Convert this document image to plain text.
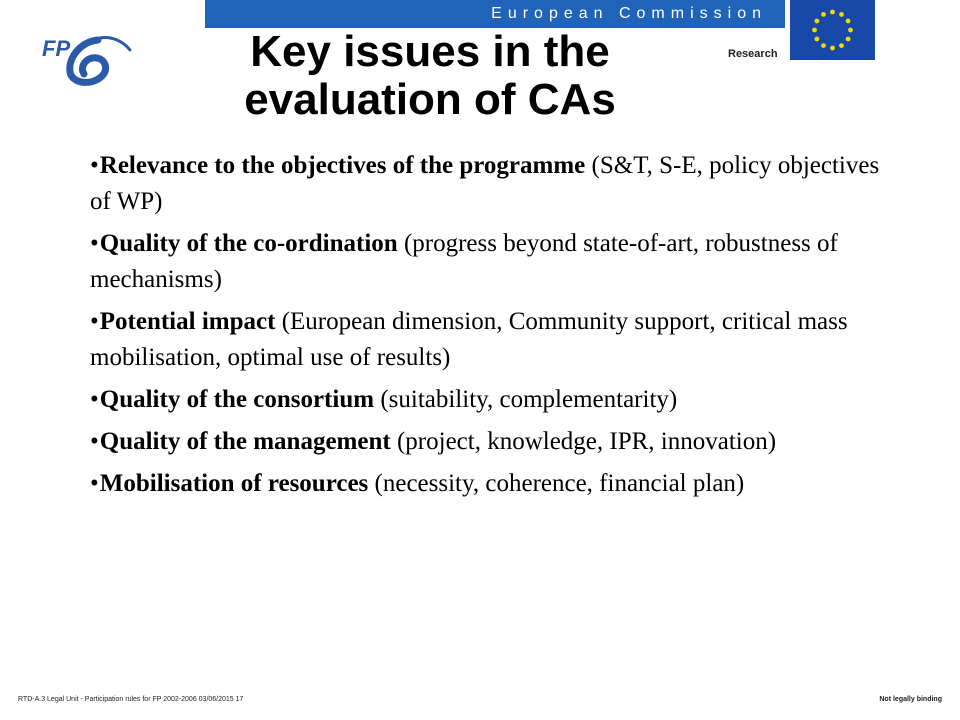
European Commission
Research
FP	Key issues in the
evaluation of CAs
•Relevance to the objectives of the programme (S&T, S-E, policy objectives of WP)
•Quality of the co-ordination (progress beyond state-of-art, robustness of mechanisms)
•Potential impact (European dimension, Community support, critical mass mobilisation, optimal use of results)
•Quality of the consortium (suitability, complementarity)
•Quality of the management (project, knowledge, IPR, innovation)
•Mobilisation of resources (necessity, coherence, financial plan)
RTD-A.3 Legal Unit - Participation rules for FP 2002-2006 03/06/2015 17	Not legally binding
